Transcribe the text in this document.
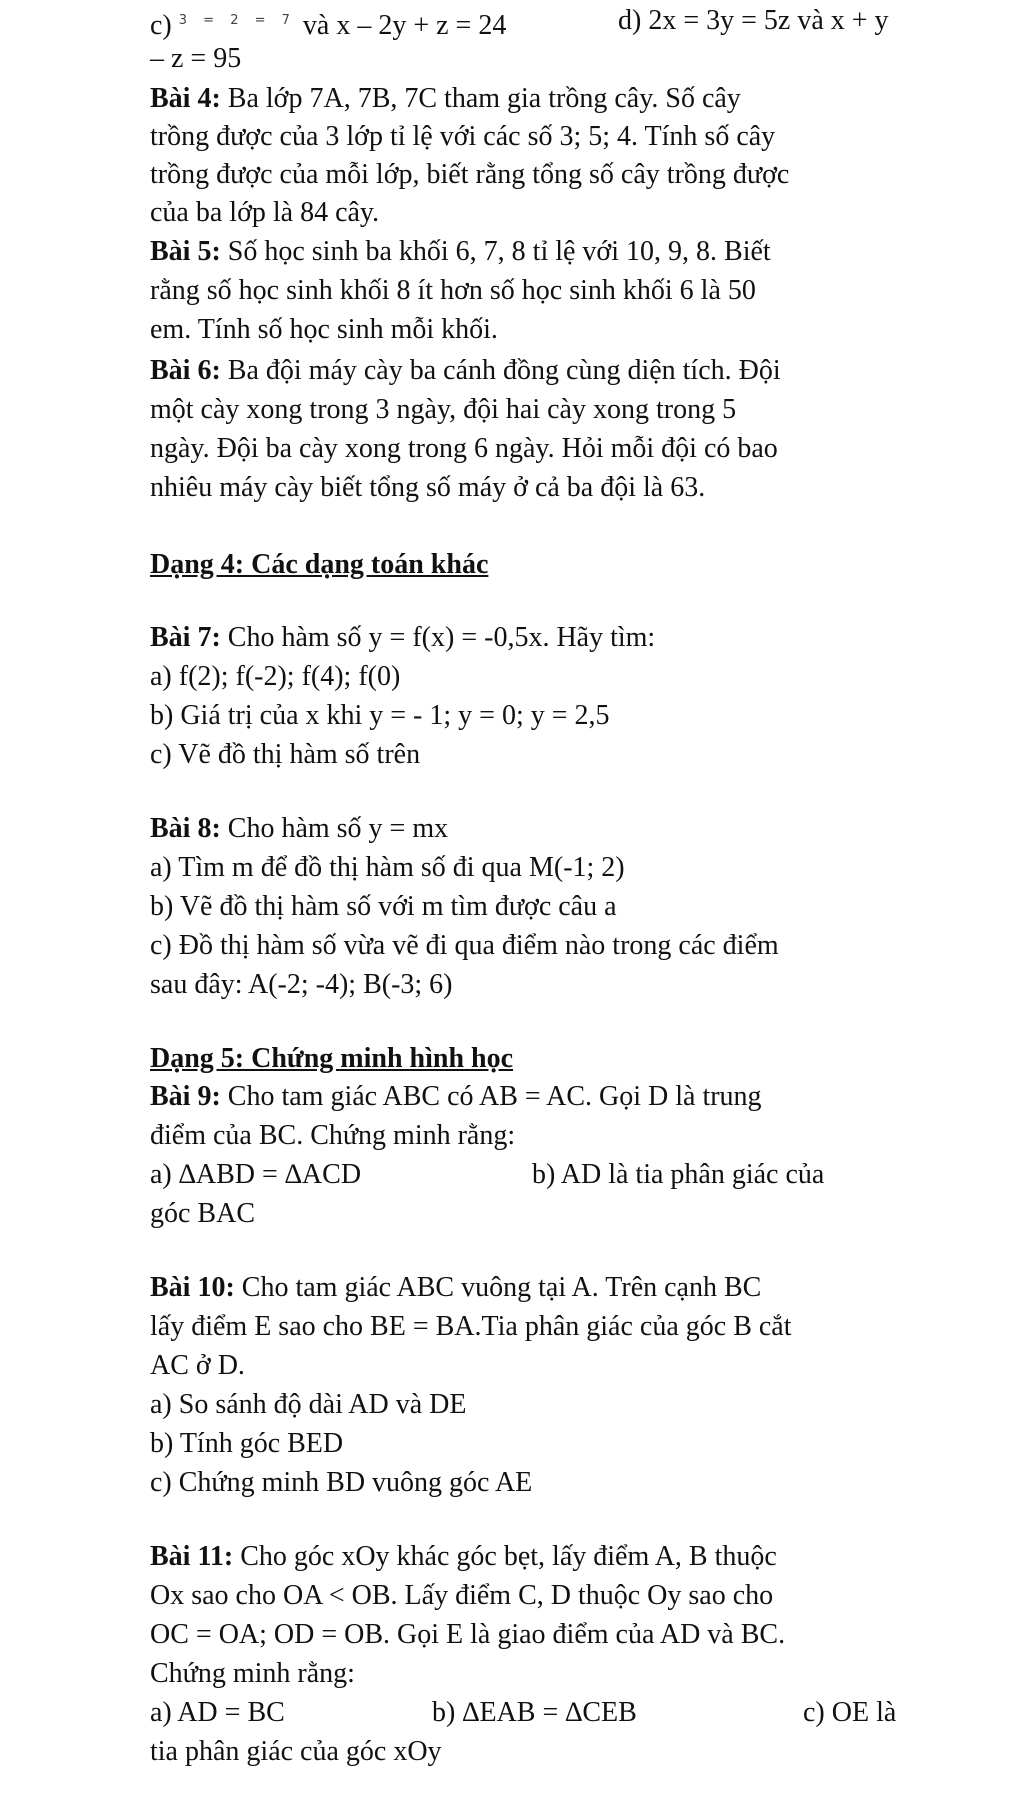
c) $^{3 = 2 = 7}$ và x – 2y + z = 24	d) 2x = 3y = 5z và x + y
– z = 95
Bài 4: Ba lớp 7A, 7B, 7C tham gia trồng cây. Số cây
trồng được của 3 lớp tỉ lệ với các số 3; 5; 4. Tính số cây
trồng được của mỗi lớp, biết rằng tổng số cây trồng được
của ba lớp là 84 cây.
Bài 5: Số học sinh ba khối 6, 7, 8 tỉ lệ với 10, 9, 8. Biết
rằng số học sinh khối 8 ít hơn số học sinh khối 6 là 50
em. Tính số học sinh mỗi khối.
Bài 6: Ba đội máy cày ba cánh đồng cùng diện tích. Đội
một cày xong trong 3 ngày, đội hai cày xong trong 5
ngày. Đội ba cày xong trong 6 ngày. Hỏi mỗi đội có bao
nhiêu máy cày biết tổng số máy ở cả ba đội là 63.
Dạng 4: Các dạng toán khác
Bài 7: Cho hàm số y = f(x) = -0,5x. Hãy tìm:
a) f(2); f(-2); f(4); f(0)
b) Giá trị của x khi y = - 1; y = 0; y = 2,5
c) Vẽ đồ thị hàm số trên
Bài 8: Cho hàm số y = mx
a) Tìm m để đồ thị hàm số đi qua M(-1; 2)
b) Vẽ đồ thị hàm số với m tìm được câu a
c) Đồ thị hàm số vừa vẽ đi qua điểm nào trong các điểm
sau đây: A(-2; -4); B(-3; 6)
Dạng 5: Chứng minh hình học
Bài 9: Cho tam giác ABC có AB = AC. Gọi D là trung
điểm của BC. Chứng minh rằng:
a) ∆ABD = ∆ACD	b) AD là tia phân giác của
góc BAC
Bài 10: Cho tam giác ABC vuông tại A. Trên cạnh BC
lấy điểm E sao cho BE = BA.Tia phân giác của góc B cắt
AC ở D.
a) So sánh độ dài AD và DE
b) Tính góc BED
c) Chứng minh BD vuông góc AE
Bài 11: Cho góc xOy khác góc bẹt, lấy điểm A, B thuộc
Ox sao cho OA < OB. Lấy điểm C, D thuộc Oy sao cho
OC = OA; OD = OB. Gọi E là giao điểm của AD và BC.
Chứng minh rằng:
a) AD = BC	b) ∆EAB = ∆CEB	c) OE là
tia phân giác của góc xOy
